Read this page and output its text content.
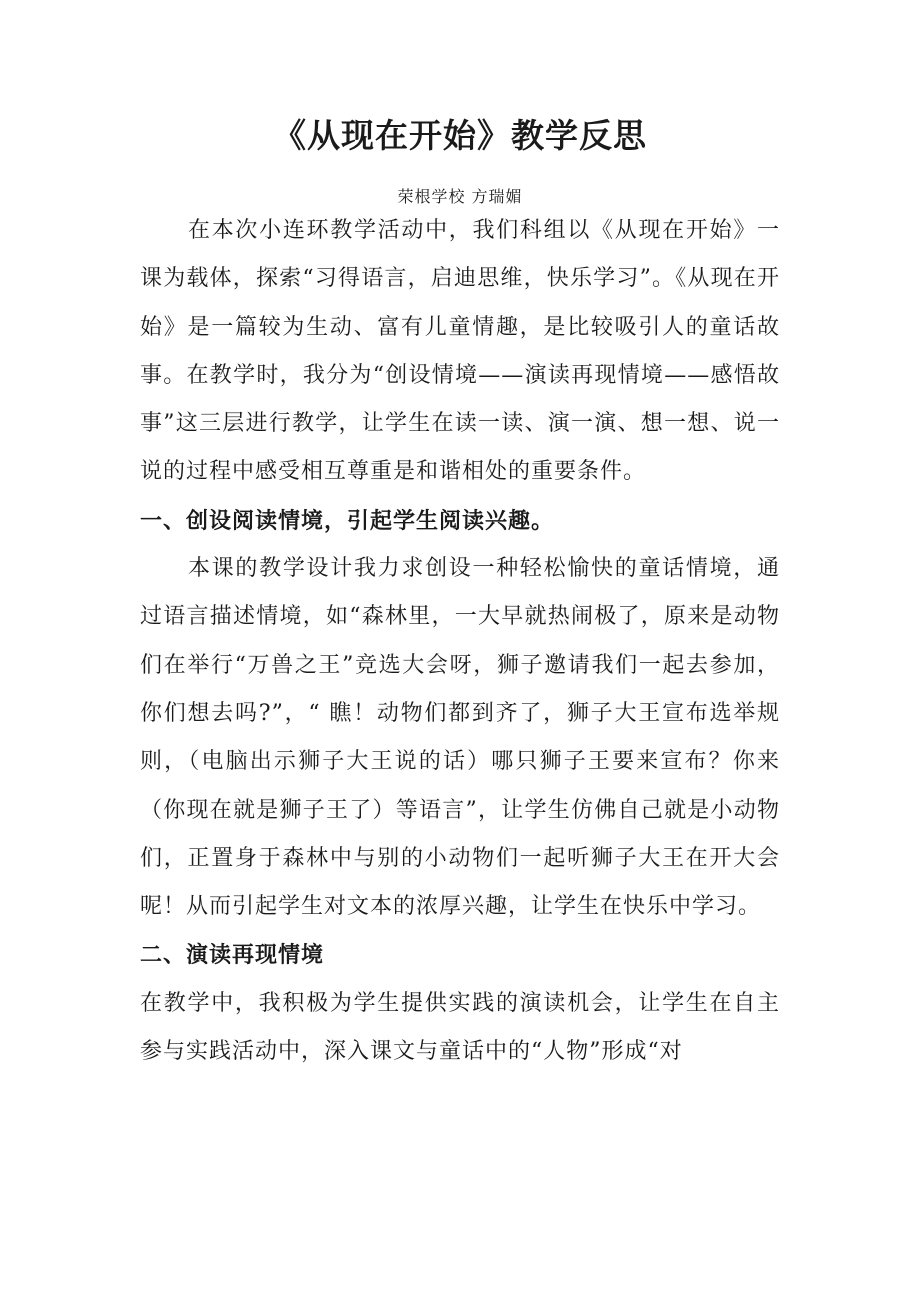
《从现在开始》教学反思
荣根学校 方瑞媚

在本次小连环教学活动中，我们科组以《从现在开始》一课为载体，探索“习得语言，启迪思维，快乐学习”。《从现在开始》是一篇较为生动、富有儿童情趣，是比较吸引人的童话故事。在教学时，我分为“创设情境——演读再现情境——感悟故事”这三层进行教学，让学生在读一读、演一演、想一想、说一说的过程中感受相互尊重是和谐相处的重要条件。

一、创设阅读情境，引起学生阅读兴趣。

本课的教学设计我力求创设一种轻松愉快的童话情境，通过语言描述情境，如“森林里，一大早就热闹极了，原来是动物们在举行“万兽之王”竞选大会呀，狮子邀请我们一起去参加，你们想去吗?”，“ 瞧！动物们都到齐了，狮子大王宣布选举规则，（电脑出示狮子大王说的话）哪只狮子王要来宣布？你来（你现在就是狮子王了）等语言”，让学生仿佛自己就是小动物们，正置身于森林中与别的小动物们一起听狮子大王在开大会呢！从而引起学生对文本的浓厚兴趣，让学生在快乐中学习。

二、演读再现情境

在教学中，我积极为学生提供实践的演读机会，让学生在自主参与实践活动中，深入课文与童话中的“人物”形成“对
